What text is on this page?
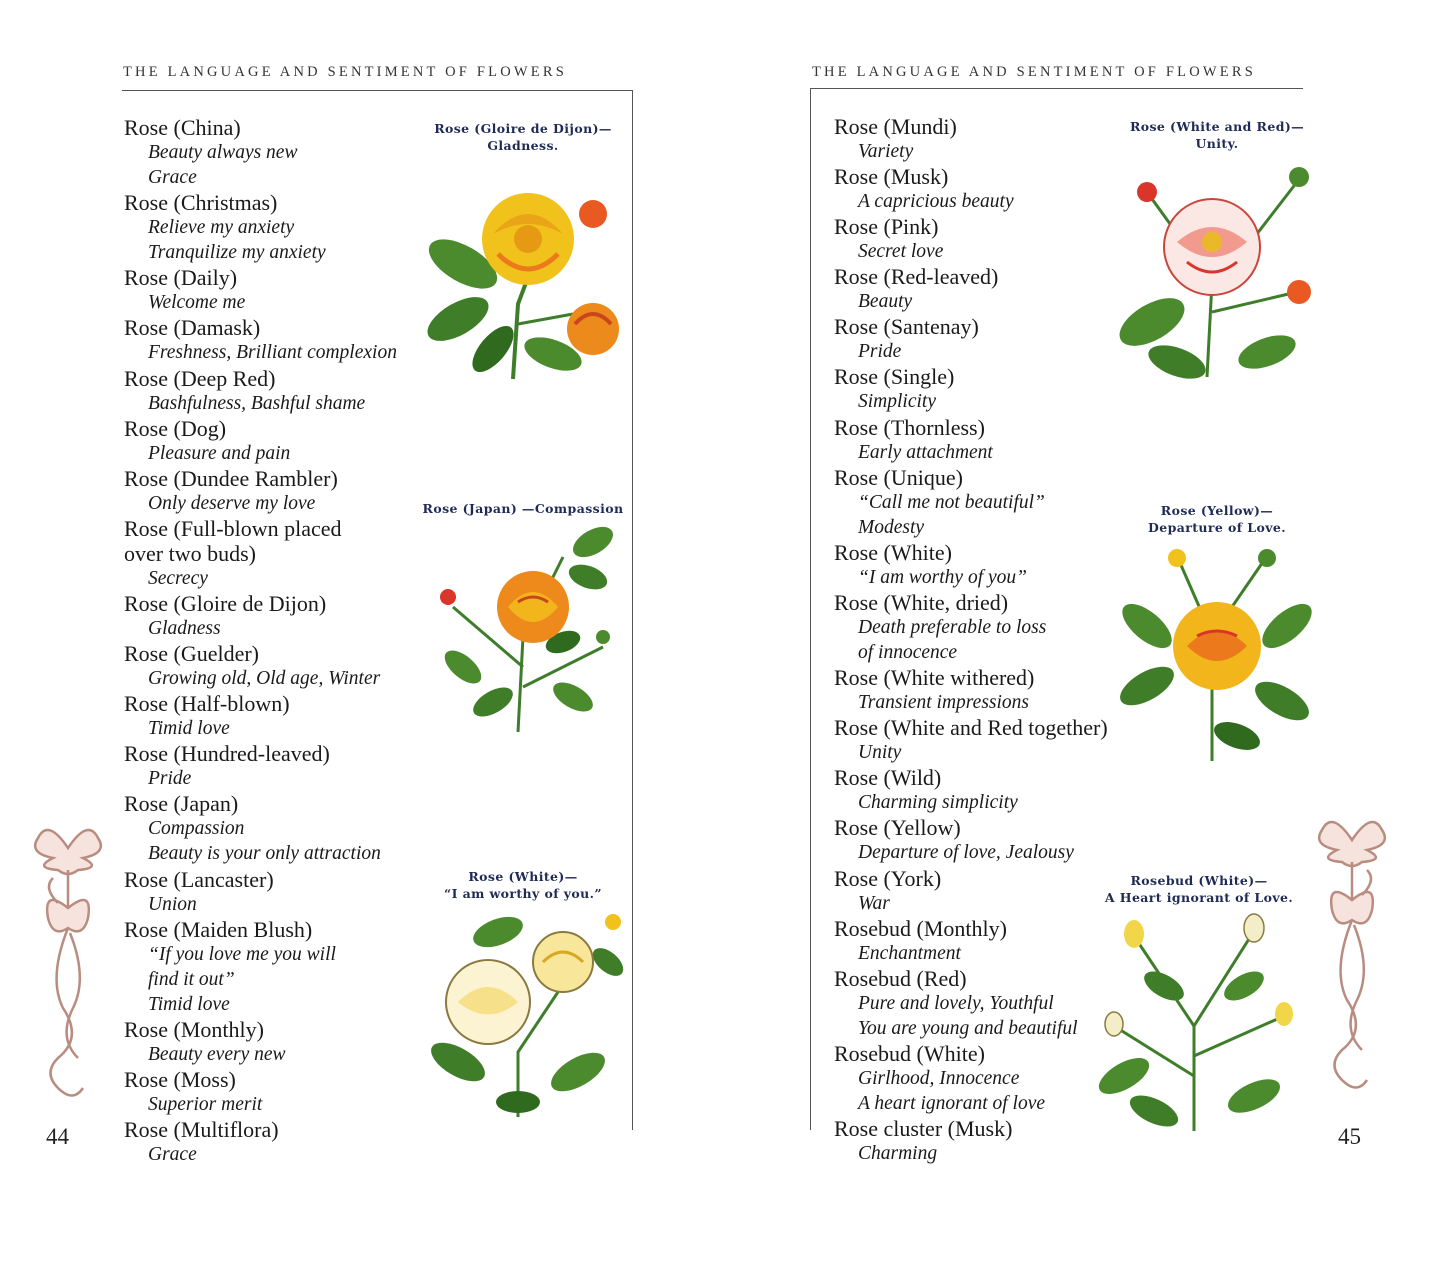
THE LANGUAGE AND SENTIMENT OF FLOWERS
Rose (China)
Beauty always new
Grace
Rose (Christmas)
Relieve my anxiety
Tranquilize my anxiety
Rose (Daily)
Welcome me
Rose (Damask)
Freshness, Brilliant complexion
Rose (Deep Red)
Bashfulness, Bashful shame
Rose (Dog)
Pleasure and pain
Rose (Dundee Rambler)
Only deserve my love
Rose (Full-blown placed
over two buds)
Secrecy
Rose (Gloire de Dijon)
Gladness
Rose (Guelder)
Growing old, Old age, Winter
Rose (Half-blown)
Timid love
Rose (Hundred-leaved)
Pride
Rose (Japan)
Compassion
Beauty is your only attraction
Rose (Lancaster)
Union
Rose (Maiden Blush)
“If you love me you will
find it out”
Timid love
Rose (Monthly)
Beauty every new
Rose (Moss)
Superior merit
Rose (Multiflora)
Grace
Rose (Gloire de Dijon)—
Gladness.
Rose (Japan) —Compassion
Rose (White)—
“I am worthy of you.”
44
THE LANGUAGE AND SENTIMENT OF FLOWERS
Rose (Mundi)
Variety
Rose (Musk)
A capricious beauty
Rose (Pink)
Secret love
Rose (Red-leaved)
Beauty
Rose (Santenay)
Pride
Rose (Single)
Simplicity
Rose (Thornless)
Early attachment
Rose (Unique)
“Call me not beautiful”
Modesty
Rose (White)
“I am worthy of you”
Rose (White, dried)
Death preferable to loss
of innocence
Rose (White withered)
Transient impressions
Rose (White and Red together)
Unity
Rose (Wild)
Charming simplicity
Rose (Yellow)
Departure of love, Jealousy
Rose (York)
War
Rosebud (Monthly)
Enchantment
Rosebud (Red)
Pure and lovely, Youthful
You are young and beautiful
Rosebud (White)
Girlhood, Innocence
A heart ignorant of love
Rose cluster (Musk)
Charming
Rose (White and Red)—
Unity.
Rose (Yellow)—
Departure of Love.
Rosebud (White)—
A Heart ignorant of Love.
45
